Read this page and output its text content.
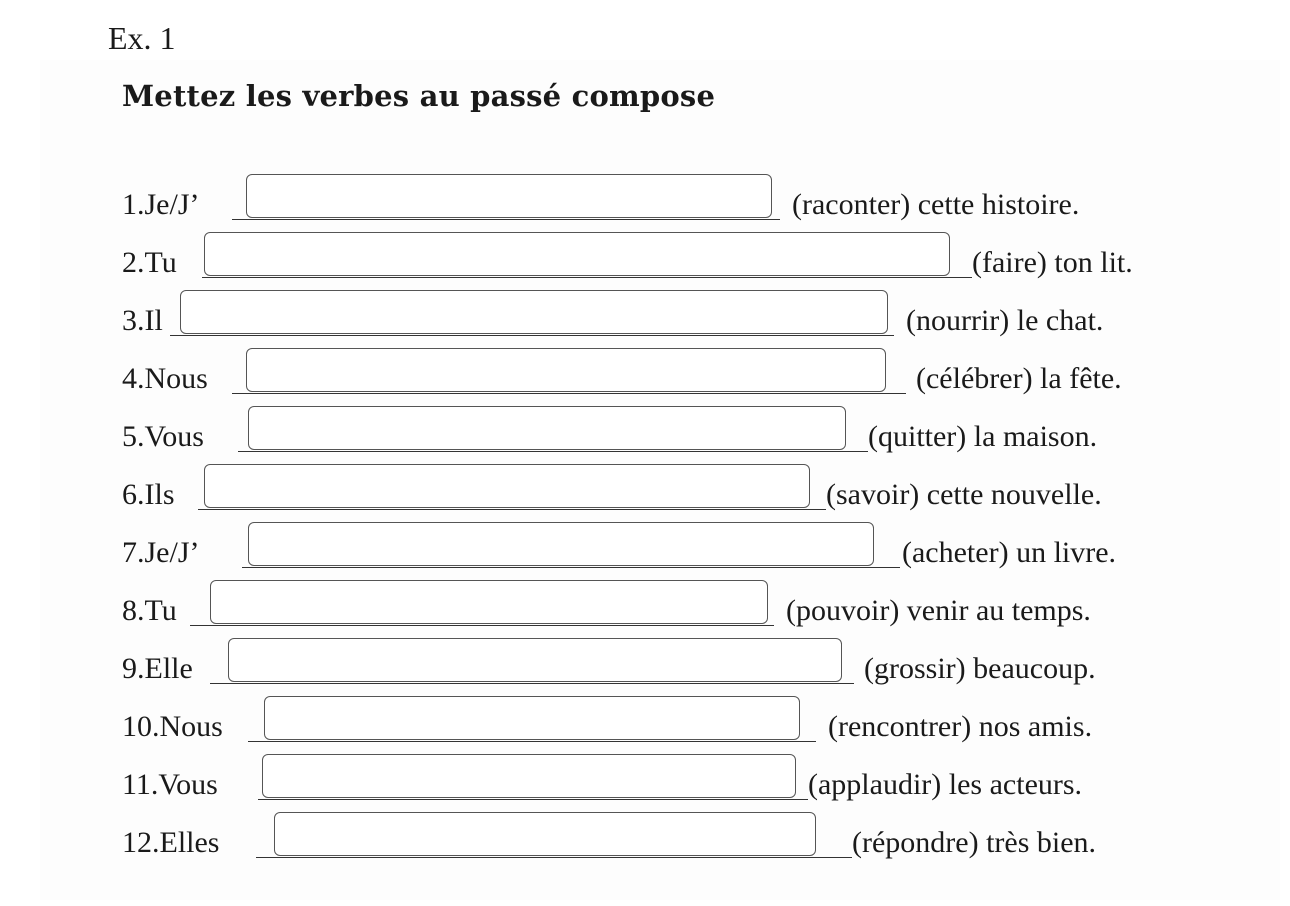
Ex. 1
Mettez les verbes au passé compose
1.Je/J’	(raconter) cette histoire.
2.Tu	(faire) ton lit.
3.Il	(nourrir) le chat.
4.Nous	(célébrer) la fête.
5.Vous	(quitter) la maison.
6.Ils	(savoir) cette nouvelle.
7.Je/J’	(acheter) un livre.
8.Tu	(pouvoir) venir au temps.
9.Elle	(grossir) beaucoup.
10.Nous	(rencontrer) nos amis.
11.Vous	(applaudir) les acteurs.
12.Elles	(répondre) très bien.
